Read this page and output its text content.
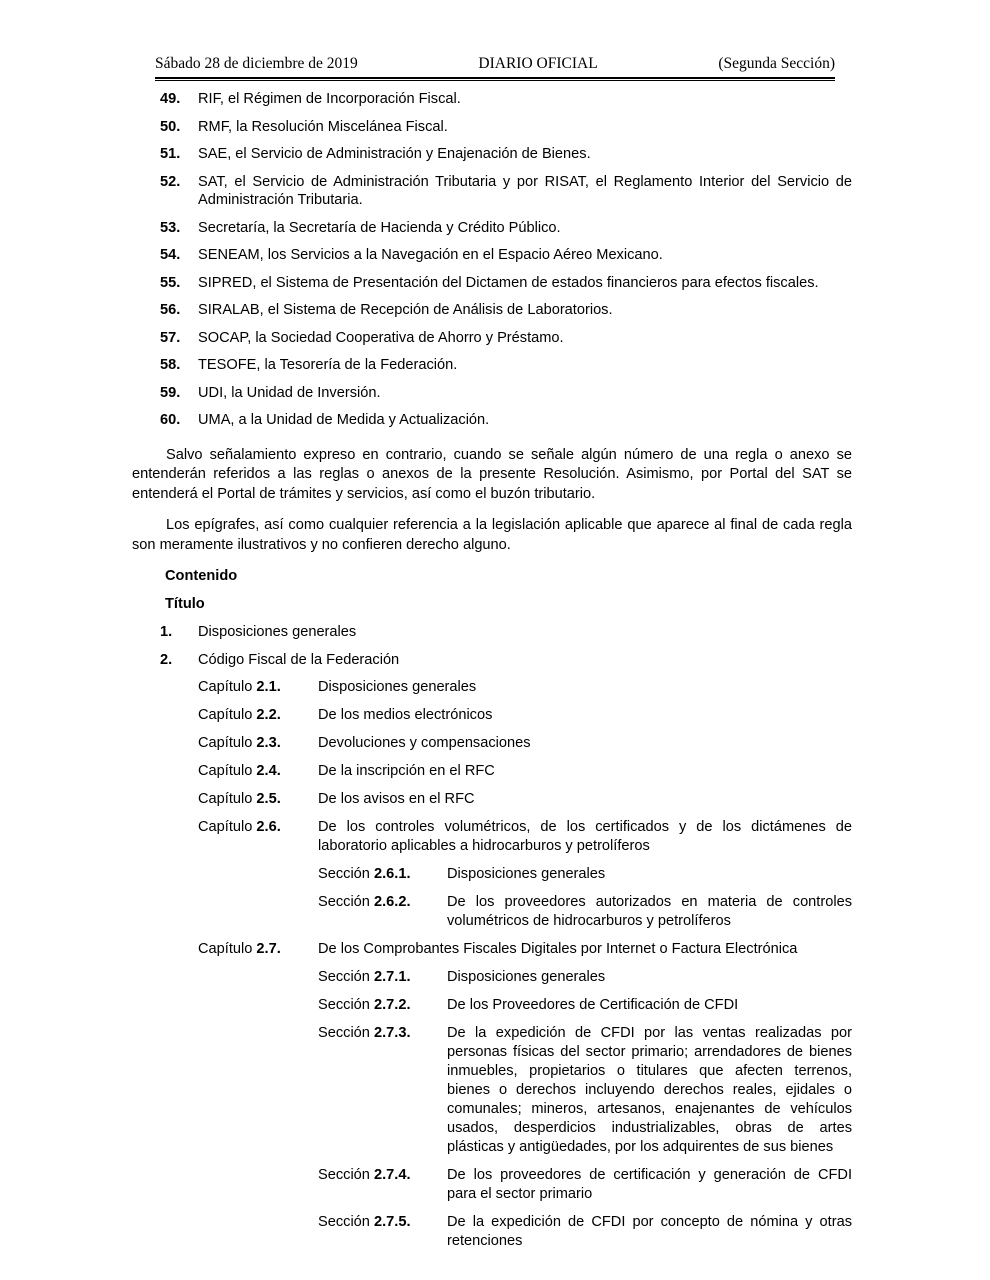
Sábado 28 de diciembre de 2019	DIARIO OFICIAL	(Segunda Sección)
49. RIF, el Régimen de Incorporación Fiscal.
50. RMF, la Resolución Miscelánea Fiscal.
51. SAE, el Servicio de Administración y Enajenación de Bienes.
52. SAT, el Servicio de Administración Tributaria y por RISAT, el Reglamento Interior del Servicio de Administración Tributaria.
53. Secretaría, la Secretaría de Hacienda y Crédito Público.
54. SENEAM, los Servicios a la Navegación en el Espacio Aéreo Mexicano.
55. SIPRED, el Sistema de Presentación del Dictamen de estados financieros para efectos fiscales.
56. SIRALAB, el Sistema de Recepción de Análisis de Laboratorios.
57. SOCAP, la Sociedad Cooperativa de Ahorro y Préstamo.
58. TESOFE, la Tesorería de la Federación.
59. UDI, la Unidad de Inversión.
60. UMA, a la Unidad de Medida y Actualización.

Salvo señalamiento expreso en contrario, cuando se señale algún número de una regla o anexo se entenderán referidos a las reglas o anexos de la presente Resolución. Asimismo, por Portal del SAT se entenderá el Portal de trámites y servicios, así como el buzón tributario.

Los epígrafes, así como cualquier referencia a la legislación aplicable que aparece al final de cada regla son meramente ilustrativos y no confieren derecho alguno.

Contenido
Título
1. Disposiciones generales
2. Código Fiscal de la Federación
Capítulo 2.1.	Disposiciones generales
Capítulo 2.2.	De los medios electrónicos
Capítulo 2.3.	Devoluciones y compensaciones
Capítulo 2.4.	De la inscripción en el RFC
Capítulo 2.5.	De los avisos en el RFC
Capítulo 2.6.	De los controles volumétricos, de los certificados y de los dictámenes de laboratorio aplicables a hidrocarburos y petrolíferos
Sección 2.6.1.	Disposiciones generales
Sección 2.6.2.	De los proveedores autorizados en materia de controles volumétricos de hidrocarburos y petrolíferos
Capítulo 2.7.	De los Comprobantes Fiscales Digitales por Internet o Factura Electrónica
Sección 2.7.1.	Disposiciones generales
Sección 2.7.2.	De los Proveedores de Certificación de CFDI
Sección 2.7.3.	De la expedición de CFDI por las ventas realizadas por personas físicas del sector primario; arrendadores de bienes inmuebles, propietarios o titulares que afecten terrenos, bienes o derechos incluyendo derechos reales, ejidales o comunales; mineros, artesanos, enajenantes de vehículos usados, desperdicios industrializables, obras de artes plásticas y antigüedades, por los adquirentes de sus bienes
Sección 2.7.4.	De los proveedores de certificación y generación de CFDI para el sector primario
Sección 2.7.5.	De la expedición de CFDI por concepto de nómina y otras retenciones
